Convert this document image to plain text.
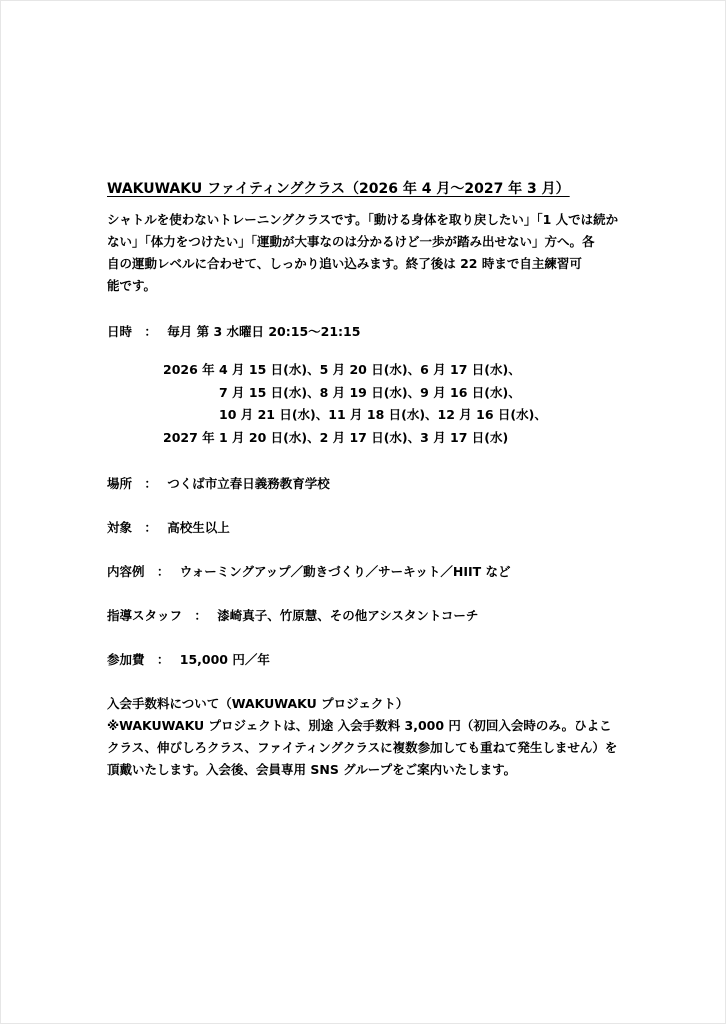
WAKUWAKU ファイティングクラス（2026 年 4 月～2027 年 3 月）

シャトルを使わないトレーニングクラスです。「動ける身体を取り戻したい」「1 人では続か

ない」「体力をつけたい」「運動が大事なのは分かるけど一歩が踏み出せない」方へ。各

自の運動レベルに合わせて、しっかり追い込みます。終了後は 22 時まで自主練習可

能です。

日時 ： 毎月 第 3 水曜日 20:15～21:15

2026 年 4 月 15 日(水)、5 月 20 日(水)、6 月 17 日(水)、

7 月 15 日(水)、8 月 19 日(水)、9 月 16 日(水)、

10 月 21 日(水)、11 月 18 日(水)、12 月 16 日(水)、

2027 年 1 月 20 日(水)、2 月 17 日(水)、3 月 17 日(水)

場所 ： つくば市立春日義務教育学校

対象 ： 高校生以上

内容例 ： ウォーミングアップ／動きづくり／サーキット／HIIT など

指導スタッフ ： 漆崎真子、竹原慧、その他アシスタントコーチ

参加費 ： 15,000 円／年

入会手数料について（WAKUWAKU プロジェクト）

※WAKUWAKU プロジェクトは、別途 入会手数料 3,000 円（初回入会時のみ。ひよこ

クラス、伸びしろクラス、ファイティングクラスに複数参加しても重ねて発生しません）を

頂戴いたします。入会後、会員専用 SNS グループをご案内いたします。
